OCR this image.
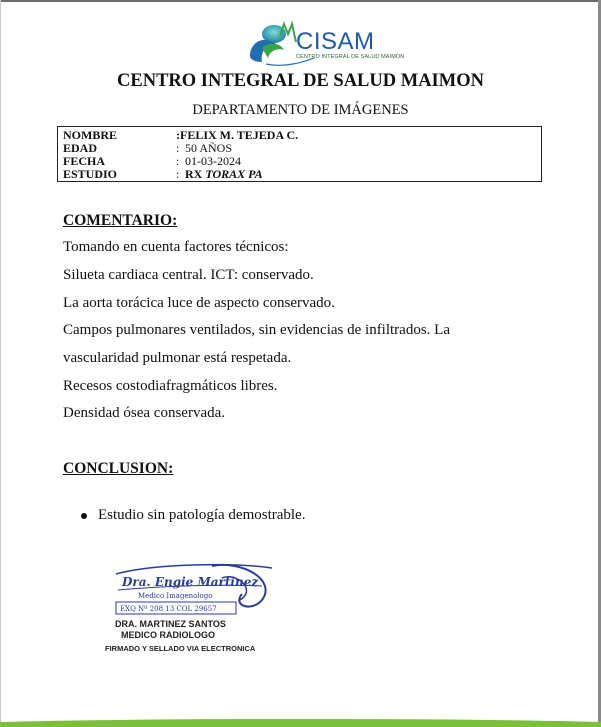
CISAM
CENTRO INTEGRAL DE SALUD MAIMON
CENTRO INTEGRAL DE SALUD MAIMON
DEPARTAMENTO DE IMÁGENES
NOMBRE	: FELIX M. TEJEDA C.
EDAD	: 50 AÑOS
FECHA	: 01-03-2024
ESTUDIO	: RX TORAX PA
COMENTARIO:
Tomando en cuenta factores técnicos:
Silueta cardiaca central. ICT: conservado.
La aorta torácica luce de aspecto conservado.
Campos pulmonares ventilados, sin evidencias de infiltrados. La
vascularidad pulmonar está respetada.
Recesos costodiafragmáticos libres.
Densidad ósea conservada.
CONCLUSION:
Estudio sin patología demostrable.
Dra. Engie Martinez
Medico Imagenologo
EXQ Nº 208 13 COL 29657
DRA. MARTINEZ SANTOS
MEDICO RADIOLOGO
FIRMADO Y SELLADO VIA ELECTRONICA
